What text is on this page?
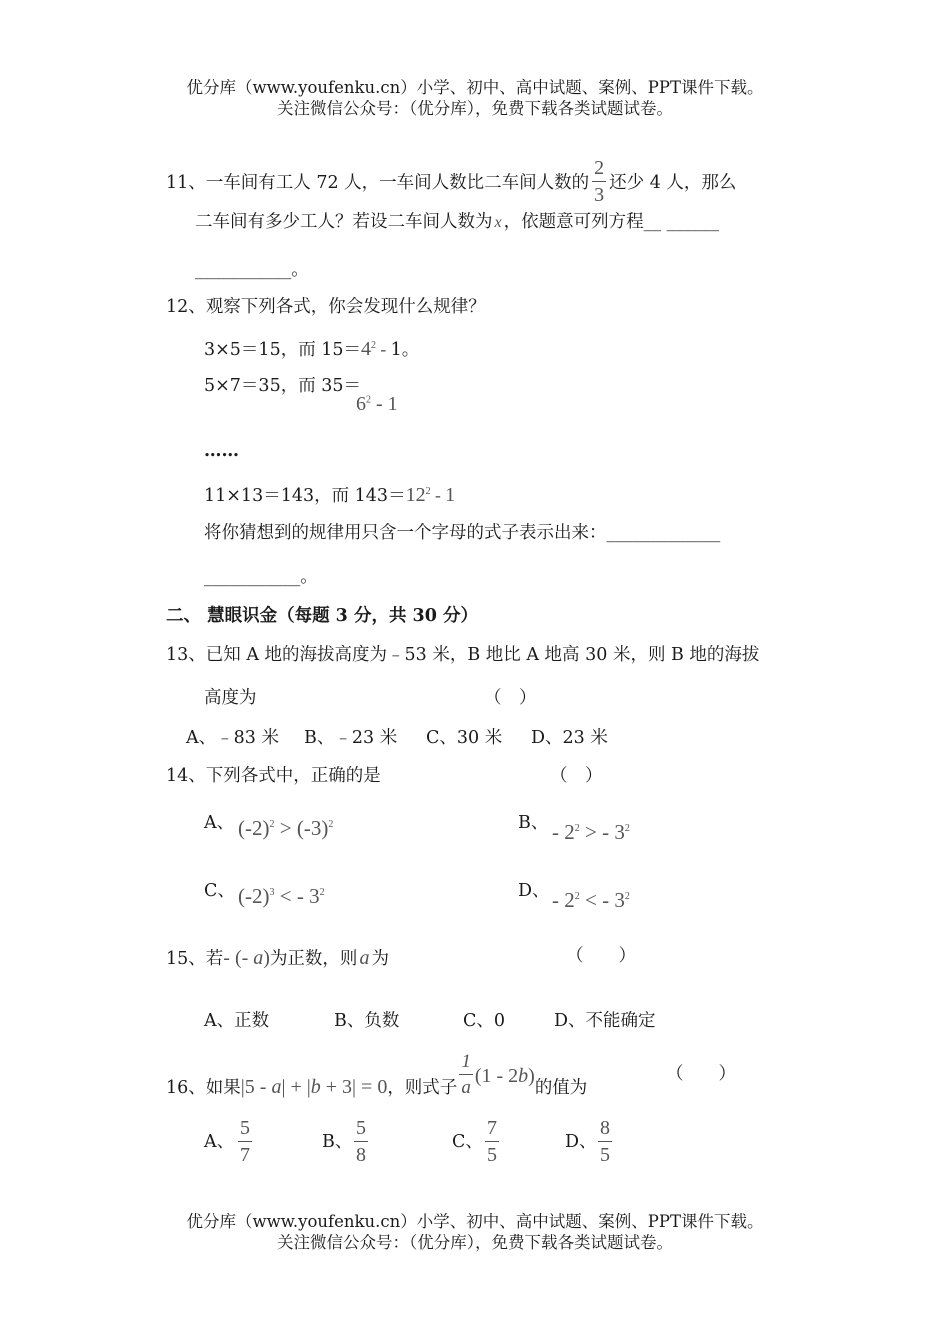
优分库（www.youfenku.cn）小学、初中、高中试题、案例、PPT课件下载。
关注微信公众号：（优分库），免费下载各类试题试卷。
11、一车间有工人 72 人，一车间人数比二车间人数的 $\frac{2}{3}$ 还少 4 人，那么
二车间有多少工人？若设二车间人数为 x ，依题意可列方程__ ______
___________。
12、观察下列各式，你会发现什么规律？
3×5＝15，而 $15=4^2 - 1$。
5×7＝35，而 35＝
$6^2 - 1$
……
11×13＝143，而 $143=12^2 - 1$
将你猜想到的规律用只含一个字母的式子表示出来：_____________
___________。
二、 慧眼识金（每题 3 分，共 30 分）
13、已知 A 地的海拔高度为﹣53 米，B 地比 A 地高 30 米，则 B 地的海拔
高度为	（　）
A、﹣83 米 B、﹣23 米 C、30 米 D、23 米
14、下列各式中，正确的是	（　）
A、 $(-2)^2 > (-3)^2$	B、 - $2^2$ > - $3^2$
C、 $(-2)^3$ < - $3^2$	D、 - $2^2$ < - $3^2$
15、若- (- a)为正数，则 a 为	（　　）
A、正数	B、负数	C、0	D、不能确定
16、如果|5 - a| + |b + 3| = 0，则式子 $\frac{1}{a} (1 - 2b)$的值为
（　　）
A、 $\frac{5}{7}$	B、 $\frac{5}{8}$	C、 $\frac{7}{5}$	D、 $\frac{8}{5}$
优分库（www.youfenku.cn）小学、初中、高中试题、案例、PPT课件下载。
关注微信公众号：（优分库），免费下载各类试题试卷。
